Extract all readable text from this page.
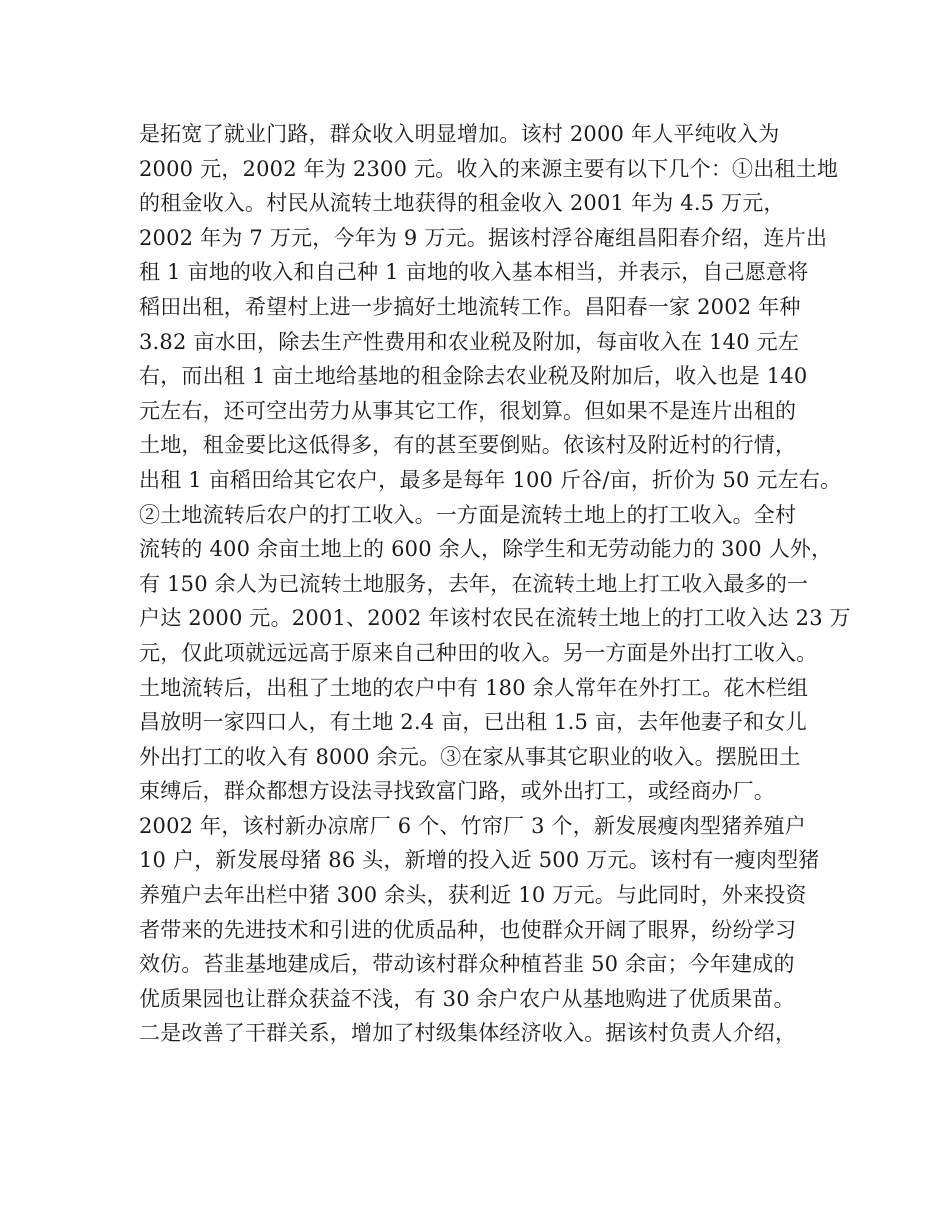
是拓宽了就业门路，群众收入明显增加。该村 2000 年人平纯收入为
2000 元，2002 年为 2300 元。收入的来源主要有以下几个：①出租土地
的租金收入。村民从流转土地获得的租金收入 2001 年为 4.5 万元，
2002 年为 7 万元，今年为 9 万元。据该村浮谷庵组昌阳春介绍，连片出
租 1 亩地的收入和自己种 1 亩地的收入基本相当，并表示，自己愿意将
稻田出租，希望村上进一步搞好土地流转工作。昌阳春一家 2002 年种
3.82 亩水田，除去生产性费用和农业税及附加，每亩收入在 140 元左
右，而出租 1 亩土地给基地的租金除去农业税及附加后，收入也是 140
元左右，还可空出劳力从事其它工作，很划算。但如果不是连片出租的
土地，租金要比这低得多，有的甚至要倒贴。依该村及附近村的行情，
出租 1 亩稻田给其它农户，最多是每年 100 斤谷/亩，折价为 50 元左右。
②土地流转后农户的打工收入。一方面是流转土地上的打工收入。全村
流转的 400 余亩土地上的 600 余人，除学生和无劳动能力的 300 人外，
有 150 余人为已流转土地服务，去年，在流转土地上打工收入最多的一
户达 2000 元。2001、2002 年该村农民在流转土地上的打工收入达 23 万
元，仅此项就远远高于原来自己种田的收入。另一方面是外出打工收入。
土地流转后，出租了土地的农户中有 180 余人常年在外打工。花木栏组
昌放明一家四口人，有土地 2.4 亩，已出租 1.5 亩，去年他妻子和女儿
外出打工的收入有 8000 余元。③在家从事其它职业的收入。摆脱田土
束缚后，群众都想方设法寻找致富门路，或外出打工，或经商办厂。
2002 年，该村新办凉席厂 6 个、竹帘厂 3 个，新发展瘦肉型猪养殖户
10 户，新发展母猪 86 头，新增的投入近 500 万元。该村有一瘦肉型猪
养殖户去年出栏中猪 300 余头，获利近 10 万元。与此同时，外来投资
者带来的先进技术和引进的优质品种，也使群众开阔了眼界，纷纷学习
效仿。苔韭基地建成后，带动该村群众种植苔韭 50 余亩；今年建成的
优质果园也让群众获益不浅，有 30 余户农户从基地购进了优质果苗。
二是改善了干群关系，增加了村级集体经济收入。据该村负责人介绍，
